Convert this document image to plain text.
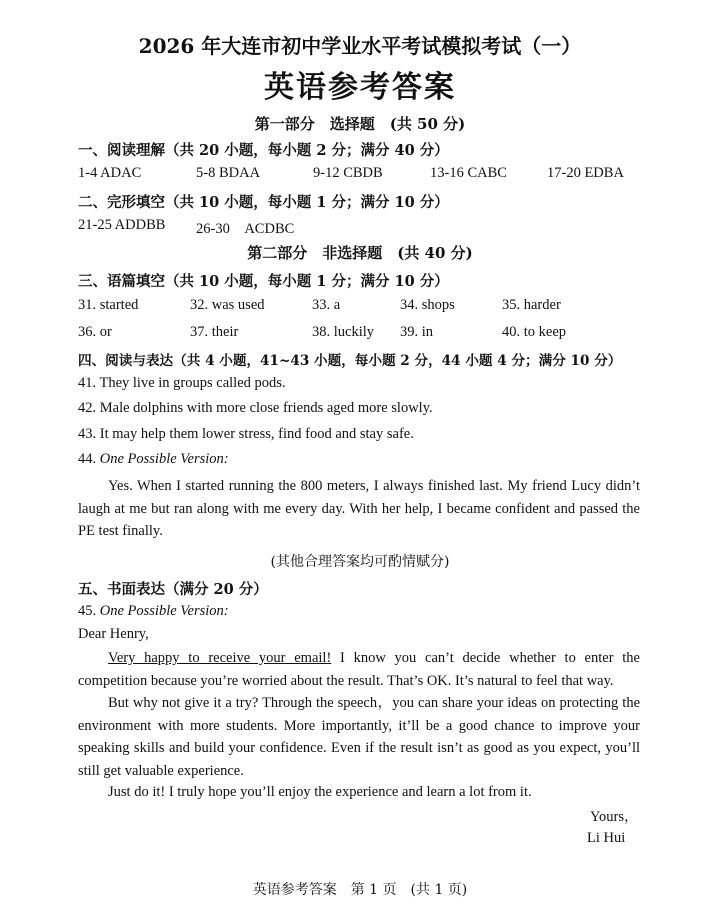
2026 年大连市初中学业水平考试模拟考试（一）
英语参考答案
第一部分　选择题　(共 50 分)
一、阅读理解（共 20 小题，每小题 2 分；满分 40 分）
1-4 ADAC	5-8 BDAA	9-12 CBDB	13-16 CABC	17-20 EDBA
二、完形填空（共 10 小题，每小题 1 分；满分 10 分）
21-25 ADDBB 26-30　ACDBC
第二部分　非选择题　(共 40 分)
三、语篇填空（共 10 小题，每小题 1 分；满分 10 分）
31. started	32. was used	33. a	34. shops	35. harder
36. or	37. their	38. luckily 39. in	40. to keep
四、阅读与表达（共 4 小题，41~43 小题，每小题 2 分，44 小题 4 分；满分 10 分）
41. They live in groups called pods.
42. Male dolphins with more close friends aged more slowly.
43. It may help them lower stress, find food and stay safe.
44. One Possible Version:
Yes. When I started running the 800 meters, I always finished last. My friend Lucy didn’t laugh at me but ran along with me every day. With her help, I became confident and passed the PE test finally.
(其他合理答案均可酌情赋分)
五、书面表达（满分 20 分）
45. One Possible Version:
Dear Henry,
Very happy to receive your email! I know you can’t decide whether to enter the competition because you’re worried about the result. That’s OK. It’s natural to feel that way.
But why not give it a try? Through the speech，you can share your ideas on protecting the environment with more students. More importantly, it’ll be a good chance to improve your speaking skills and build your confidence. Even if the result isn’t as good as you expect, you’ll still get valuable experience.
Just do it! I truly hope you’ll enjoy the experience and learn a lot from it.
Yours，
Li Hui
英语参考答案　第 1 页　(共 1 页)
